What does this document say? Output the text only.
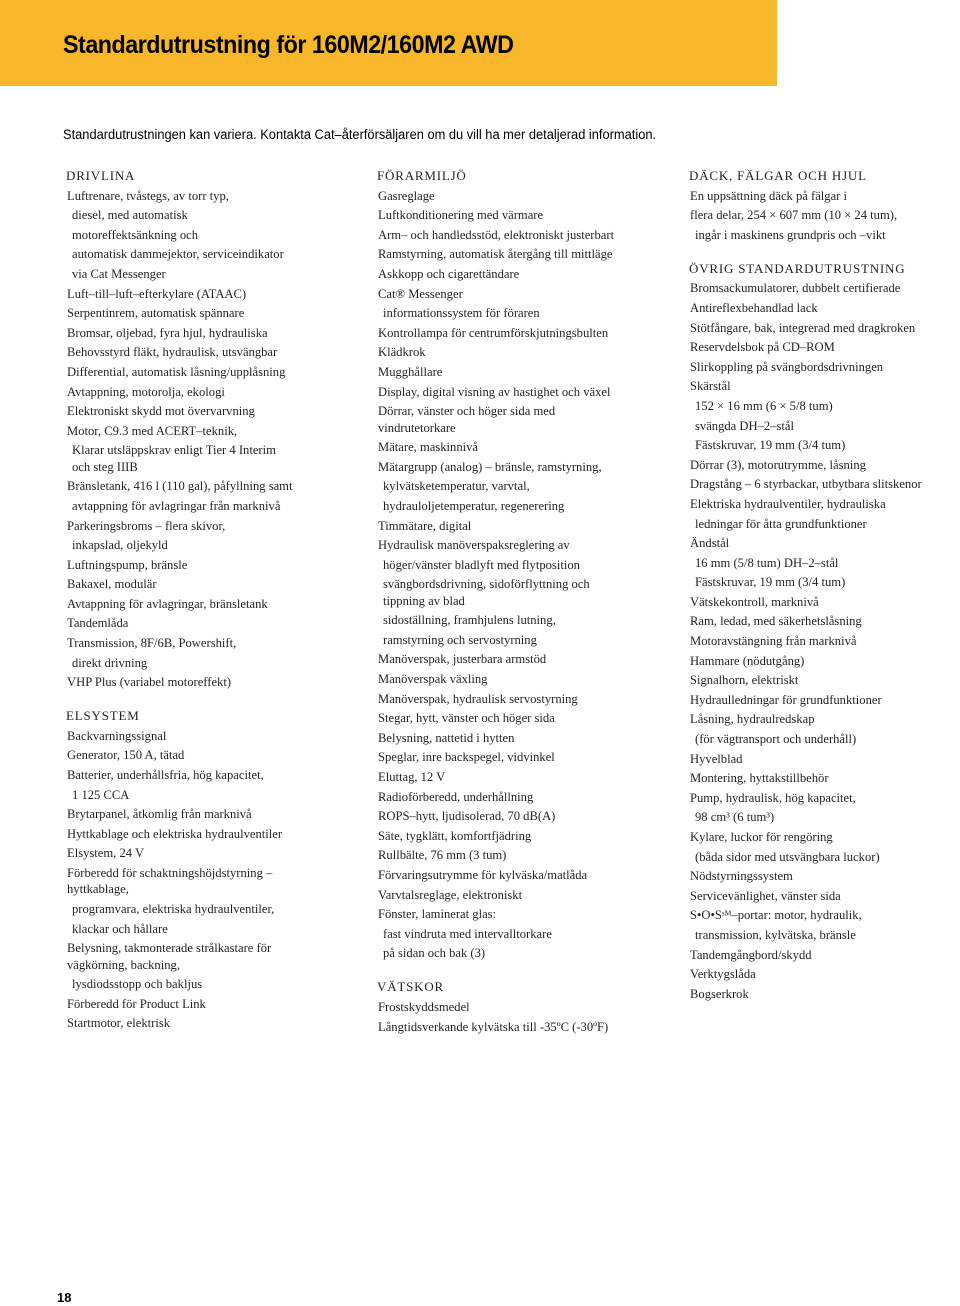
Standardutrustning för 160M2/160M2 AWD

Standardutrustningen kan variera. Kontakta Cat–återförsäljaren om du vill ha mer detaljerad information.

DRIVLINA
Luftrenare, tvåstegs, av torr typ,
diesel, med automatisk
motoreffektsänkning och
automatisk dammejektor, serviceindikator
via Cat Messenger
Luft–till–luft–efterkylare (ATAAC)
Serpentinrem, automatisk spännare
Bromsar, oljebad, fyra hjul, hydrauliska
Behovsstyrd fläkt, hydraulisk, utsvängbar
Differential, automatisk låsning/upplåsning
Avtappning, motorolja, ekologi
Elektroniskt skydd mot övervarvning
Motor, C9.3 med ACERT–teknik,
Klarar utsläppskrav enligt Tier 4 Interim
och steg IIIB
Bränsletank, 416 l (110 gal), påfyllning samt
avtappning för avlagringar från marknivå
Parkeringsbroms – flera skivor,
inkapslad, oljekyld
Luftningspump, bränsle
Bakaxel, modulär
Avtappning för avlagringar, bränsletank
Tandemlåda
Transmission, 8F/6B, Powershift,
direkt drivning
VHP Plus (variabel motoreffekt)
ELSYSTEM
Backvarningssignal
Generator, 150 A, tätad
Batterier, underhållsfria, hög kapacitet,
1 125 CCA
Brytarpanel, åtkomlig från marknivå
Hyttkablage och elektriska hydraulventiler
Elsystem, 24 V
Förberedd för schaktningshöjdstyrning –
hyttkablage,
programvara, elektriska hydraulventiler,
klackar och hållare
Belysning, takmonterade strålkastare för
vägkörning, backning,
lysdiodsstopp och bakljus
Förberedd för Product Link
Startmotor, elektrisk
FÖRARMILJÖ
Gasreglage
Luftkonditionering med värmare
Arm– och handledsstöd, elektroniskt justerbart
Ramstyrning, automatisk återgång till mittläge
Askkopp och cigarettändare
Cat® Messenger
informationssystem för föraren
Kontrollampa för centrumförskjutningsbulten
Klädkrok
Mugghållare
Display, digital visning av hastighet och växel
Dörrar, vänster och höger sida med
vindrutetorkare
Mätare, maskinnivå
Mätargrupp (analog) – bränsle, ramstyrning,
kylvätsketemperatur, varvtal,
hydrauloljetemperatur, regenerering
Timmätare, digital
Hydraulisk manöverspaksreglering av
höger/vänster bladlyft med flytposition
svängbordsdrivning, sidoförflyttning och
tippning av blad
sidoställning, framhjulens lutning,
ramstyrning och servostyrning
Manöverspak, justerbara armstöd
Manöverspak växling
Manöverspak, hydraulisk servostyrning
Stegar, hytt, vänster och höger sida
Belysning, nattetid i hytten
Speglar, inre backspegel, vidvinkel
Eluttag, 12 V
Radioförberedd, underhållning
ROPS–hytt, ljudisolerad, 70 dB(A)
Säte, tygklätt, komfortfjädring
Rullbälte, 76 mm (3 tum)
Förvaringsutrymme för kylväska/matlåda
Varvtalsreglage, elektroniskt
Fönster, laminerat glas:
fast vindruta med intervalltorkare
på sidan och bak (3)
VÄTSKOR
Frostskyddsmedel
Långtidsverkande kylvätska till -35ºC (-30ºF)
DÄCK, FÄLGAR OCH HJUL
En uppsättning däck på fälgar i
flera delar, 254 × 607 mm (10 × 24 tum),
ingår i maskinens grundpris och –vikt
ÖVRIG STANDARDUTRUSTNING
Bromsackumulatorer, dubbelt certifierade
Antireflexbehandlad lack
Stötfångare, bak, integrerad med dragkroken
Reservdelsbok på CD–ROM
Slirkoppling på svängbordsdrivningen
Skärstål
152 × 16 mm (6 × 5/8 tum)
svängda DH–2–stål
Fästskruvar, 19 mm (3/4 tum)
Dörrar (3), motorutrymme, låsning
Dragstång – 6 styrbackar, utbytbara slitskenor
Elektriska hydraulventiler, hydrauliska
ledningar för åtta grundfunktioner
Ändstål
16 mm (5/8 tum) DH–2–stål
Fästskruvar, 19 mm (3/4 tum)
Vätskekontroll, marknivå
Ram, ledad, med säkerhetslåsning
Motoravstängning från marknivå
Hammare (nödutgång)
Signalhorn, elektriskt
Hydraulledningar för grundfunktioner
Låsning, hydraulredskap
(för vägtransport och underhåll)
Hyvelblad
Montering, hyttakstillbehör
Pump, hydraulisk, hög kapacitet,
98 cm³ (6 tum³)
Kylare, luckor för rengöring
(båda sidor med utsvängbara luckor)
Nödstyrningssystem
Servicevänlighet, vänster sida
S•O•Sˢᴹ–portar: motor, hydraulik,
transmission, kylvätska, bränsle
Tandemgångbord/skydd
Verktygslåda
Bogserkrok
18
